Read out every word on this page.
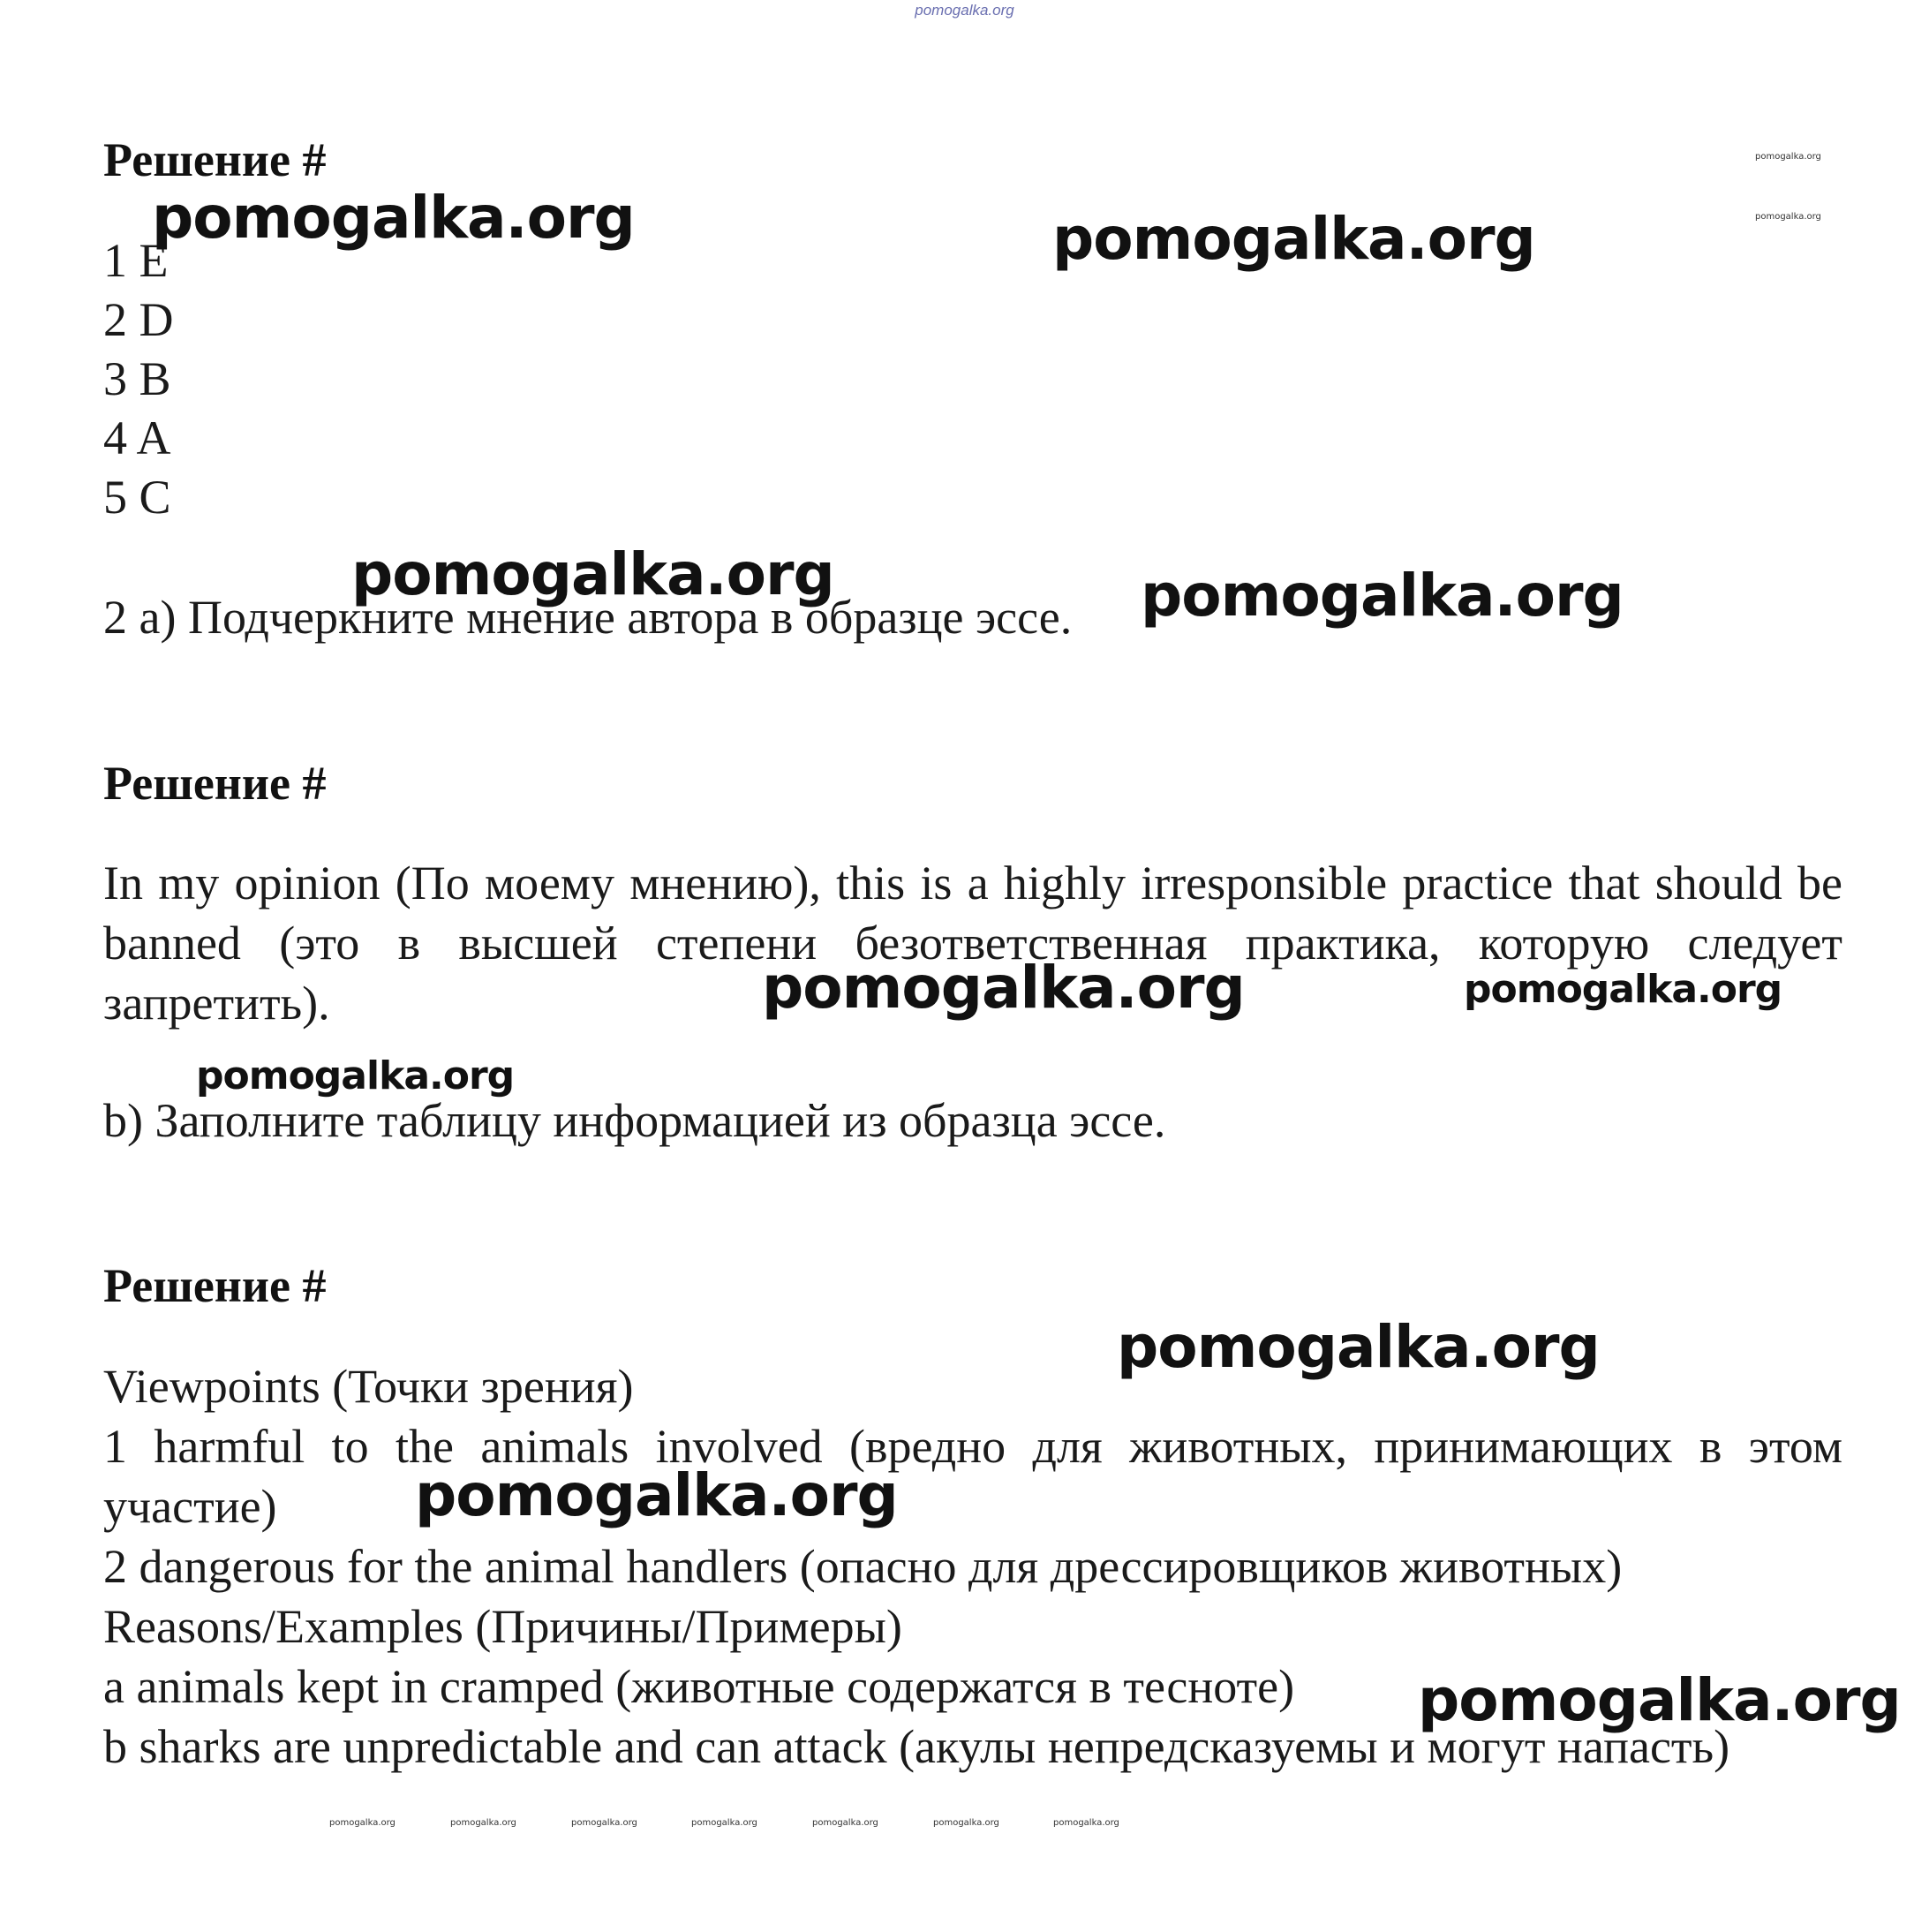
pomogalka.org
Решение #
1 E
2 D
3 B
4 A
5 C
2 a) Подчеркните мнение автора в образце эссе.
Решение #
In my opinion (По моему мнению), this is a highly irresponsible practice that should be banned (это в высшей степени безответственная практика, которую следует запретить).
b) Заполните таблицу информацией из образца эссе.
Решение #
Viewpoints (Точки зрения)
1 harmful to the animals involved (вредно для животных, принимающих в этом участие)
2 dangerous for the animal handlers (опасно для дрессировщиков животных)
Reasons/Examples (Причины/Примеры)
a animals kept in cramped (животные содержатся в тесноте)
b sharks are unpredictable and can attack (акулы непредсказуемы и могут напасть)
pomogalka.org	pomogalka.org
pomogalka.org	pomogalka.org
pomogalka.org	pomogalka.org
pomogalka.org
pomogalka.org
pomogalka.org
pomogalka.org
pomogalka.org
pomogalka.org
pomogalka.org	pomogalka.org	pomogalka.org	pomogalka.org	pomogalka.org	pomogalka.org	pomogalka.org
